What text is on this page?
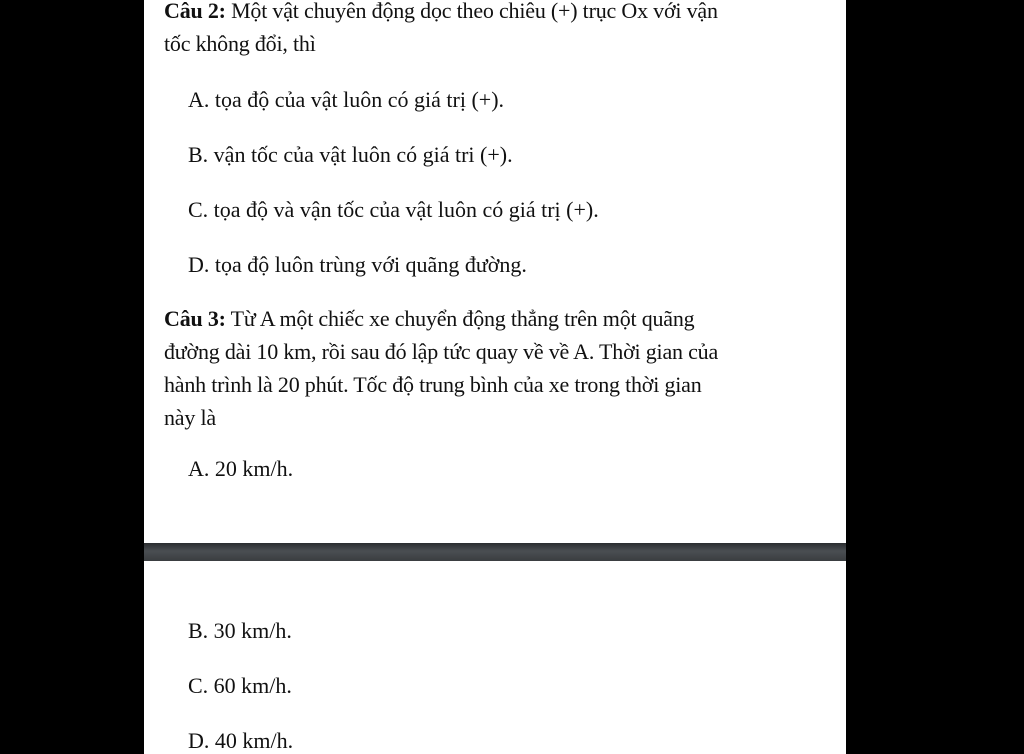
Câu 2: Một vật chuyên động dọc theo chiêu (+) trục Ox với vận
tốc không đổi, thì
A. tọa độ của vật luôn có giá trị (+).
B. vận tốc của vật luôn có giá tri (+).
C. tọa độ và vận tốc của vật luôn có giá trị (+).
D. tọa độ luôn trùng với quãng đường.
Câu 3: Từ A một chiếc xe chuyển động thẳng trên một quãng
đường dài 10 km, rồi sau đó lập tức quay về về A. Thời gian của
hành trình là 20 phút. Tốc độ trung bình của xe trong thời gian
này là
A. 20 km/h.
B. 30 km/h.
C. 60 km/h.
D. 40 km/h.
